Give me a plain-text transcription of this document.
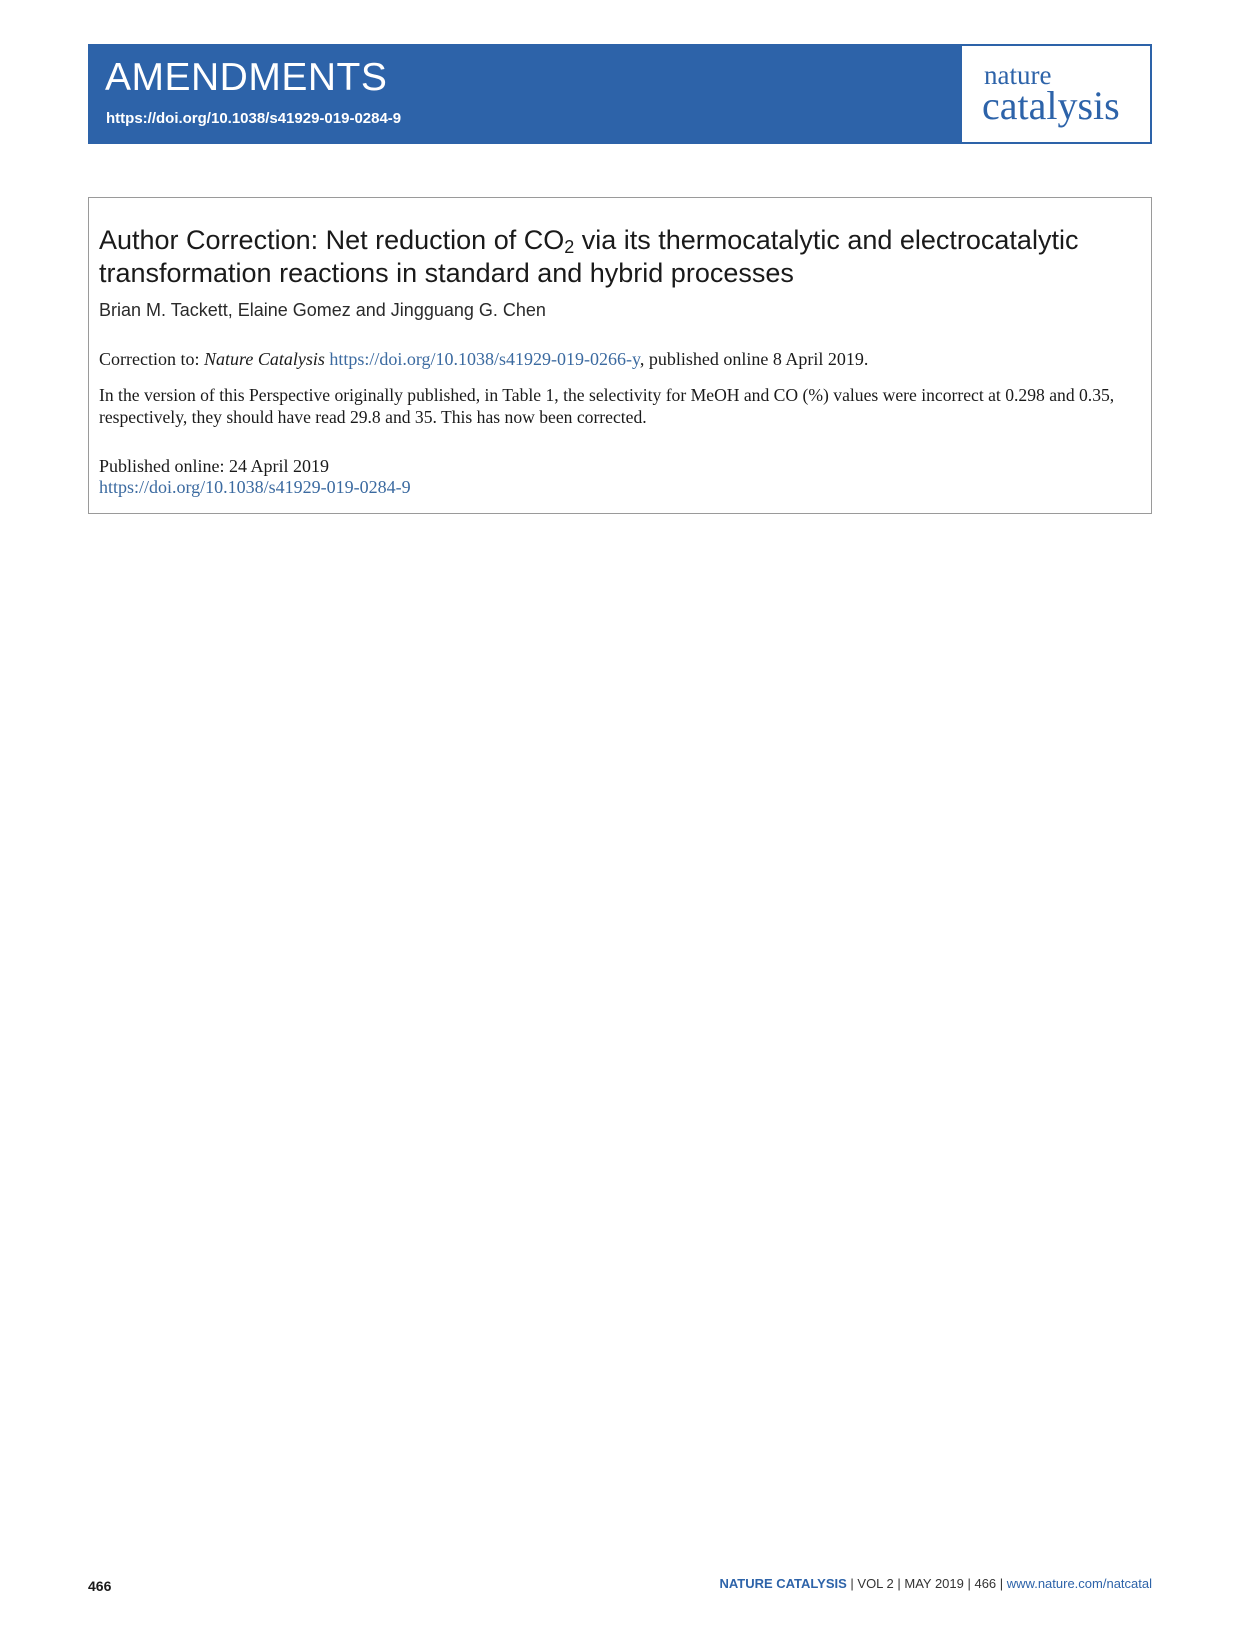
AMENDMENTS
https://doi.org/10.1038/s41929-019-0284-9
nature
catalysis
Author Correction: Net reduction of $CO_2$ via its thermocatalytic and electrocatalytic transformation reactions in standard and hybrid processes
Brian M. Tackett, Elaine Gomez and Jingguang G. Chen
Correction to: Nature Catalysis https://doi.org/10.1038/s41929-019-0266-y, published online 8 April 2019.

In the version of this Perspective originally published, in Table 1, the selectivity for MeOH and CO (%) values were incorrect at 0.298 and 0.35, respectively, they should have read 29.8 and 35. This has now been corrected.

Published online: 24 April 2019
https://doi.org/10.1038/s41929-019-0284-9
466	NATURE CATALYSIS | VOL 2 | MAY 2019 | 466 | www.nature.com/natcatal
